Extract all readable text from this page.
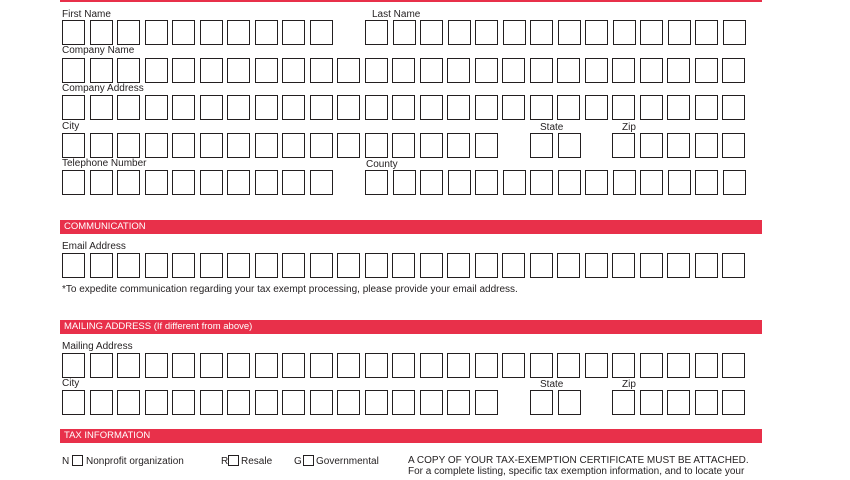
First Name	Last Name
Company Name
Company Address
City	State	Zip
Telephone Number	County
COMMUNICATION
Email Address
*To expedite communication regarding your tax exempt processing, please provide your email address.
MAILING ADDRESS (If different from above)
Mailing Address
City	State	Zip
TAX INFORMATION
N Nonprofit organization	R Resale G Governmental	A COPY OF YOUR TAX-EXEMPTION CERTIFICATE MUST BE ATTACHED.
For a complete listing, specific tax exemption information, and to locate your
